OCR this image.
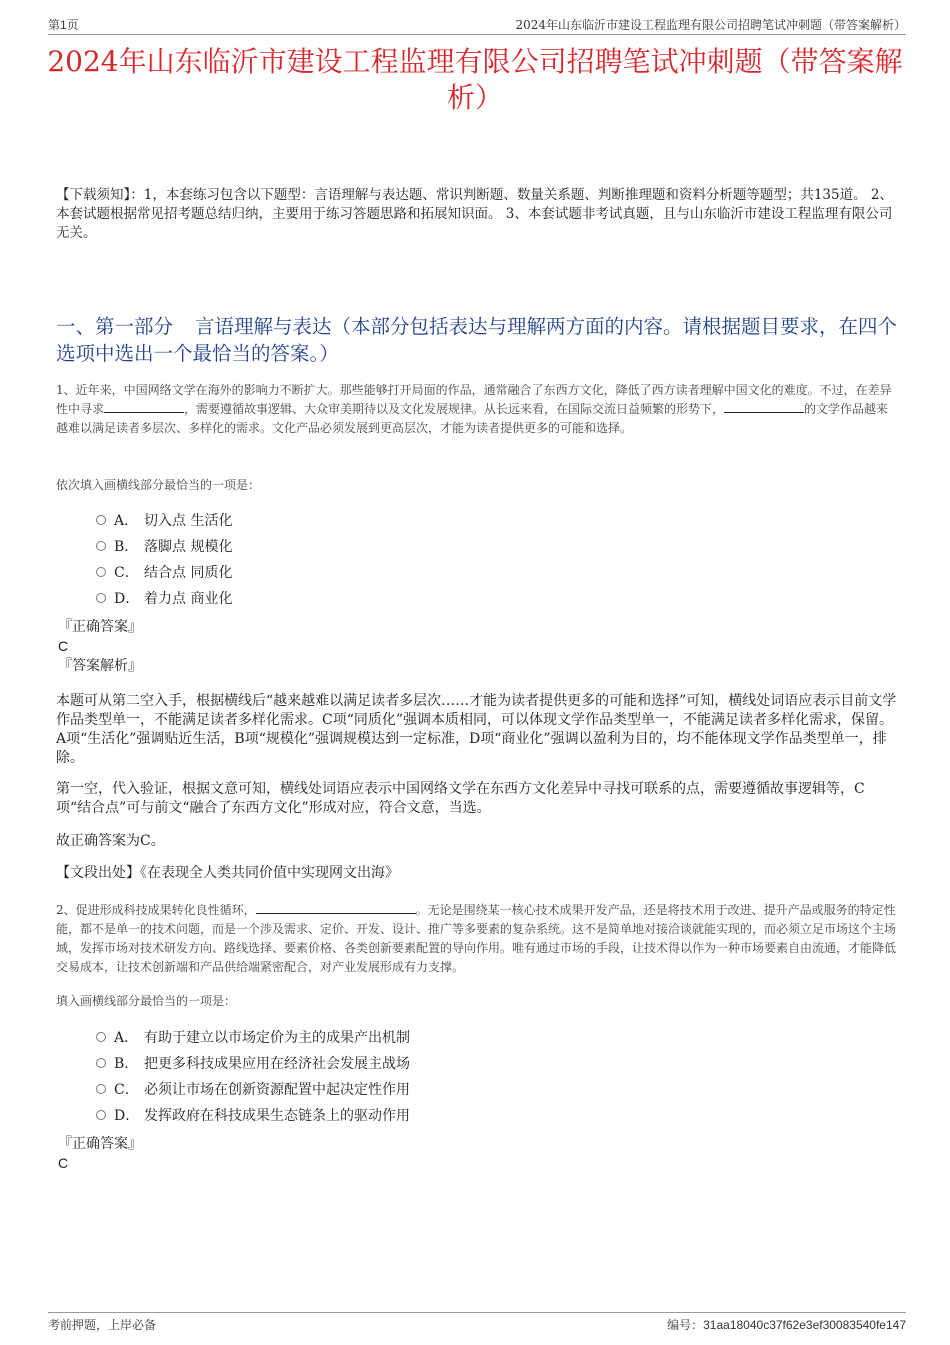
第1页	2024年山东临沂市建设工程监理有限公司招聘笔试冲刺题（带答案解析）
2024年山东临沂市建设工程监理有限公司招聘笔试冲刺题（带答案解析）

【下载须知】：1，本套练习包含以下题型：言语理解与表达题、常识判断题、数量关系题、判断推理题和资料分析题等题型；共135道。 2、本套试题根据常见招考题总结归纳，主要用于练习答题思路和拓展知识面。 3、本套试题非考试真题，且与山东临沂市建设工程监理有限公司无关。

一、第一部分 言语理解与表达（本部分包括表达与理解两方面的内容。请根据题目要求，在四个选项中选出一个最恰当的答案。）

1、近年来，中国网络文学在海外的影响力不断扩大。那些能够打开局面的作品，通常融合了东西方文化，降低了西方读者理解中国文化的难度。不过，在差异性中寻求	，需要遵循故事逻辑、大众审美期待以及文化发展规律。从长远来看，在国际交流日益频繁的形势下，	的文学作品越来越难以满足读者多层次、多样化的需求。文化产品必须发展到更高层次，才能为读者提供更多的可能和选择。

依次填入画横线部分最恰当的一项是：

A． 切入点 生活化
B． 落脚点 规模化
C． 结合点 同质化
D． 着力点 商业化

『正确答案』

C

『答案解析』

本题可从第二空入手，根据横线后“越来越难以满足读者多层次……才能为读者提供更多的可能和选择”可知，横线处词语应表示目前文学作品类型单一，不能满足读者多样化需求。C项“同质化”强调本质相同，可以体现文学作品类型单一，不能满足读者多样化需求，保留。A项“生活化”强调贴近生活，B项“规模化”强调规模达到一定标准，D项“商业化”强调以盈利为目的，均不能体现文学作品类型单一，排除。

第一空，代入验证，根据文意可知，横线处词语应表示中国网络文学在东西方文化差异中寻找可联系的点，需要遵循故事逻辑等，C项“结合点”可与前文“融合了东西方文化”形成对应，符合文意，当选。

故正确答案为C。

【文段出处】《在表现全人类共同价值中实现网文出海》

2、促进形成科技成果转化良性循环，	。无论是围绕某一核心技术成果开发产品，还是将技术用于改进、提升产品或服务的特定性能，都不是单一的技术问题，而是一个涉及需求、定价、开发、设计、推广等多要素的复杂系统。这不是简单地对接洽谈就能实现的，而必须立足市场这个主场域，发挥市场对技术研发方向、路线选择、要素价格、各类创新要素配置的导向作用。唯有通过市场的手段，让技术得以作为一种市场要素自由流通，才能降低交易成本，让技术创新端和产品供给端紧密配合，对产业发展形成有力支撑。

填入画横线部分最恰当的一项是：

A． 有助于建立以市场定价为主的成果产出机制
B． 把更多科技成果应用在经济社会发展主战场
C． 必须让市场在创新资源配置中起决定性作用
D． 发挥政府在科技成果生态链条上的驱动作用

『正确答案』

C

考前押题，上岸必备	编号：31aa18040c37f62e3ef30083540fe147
